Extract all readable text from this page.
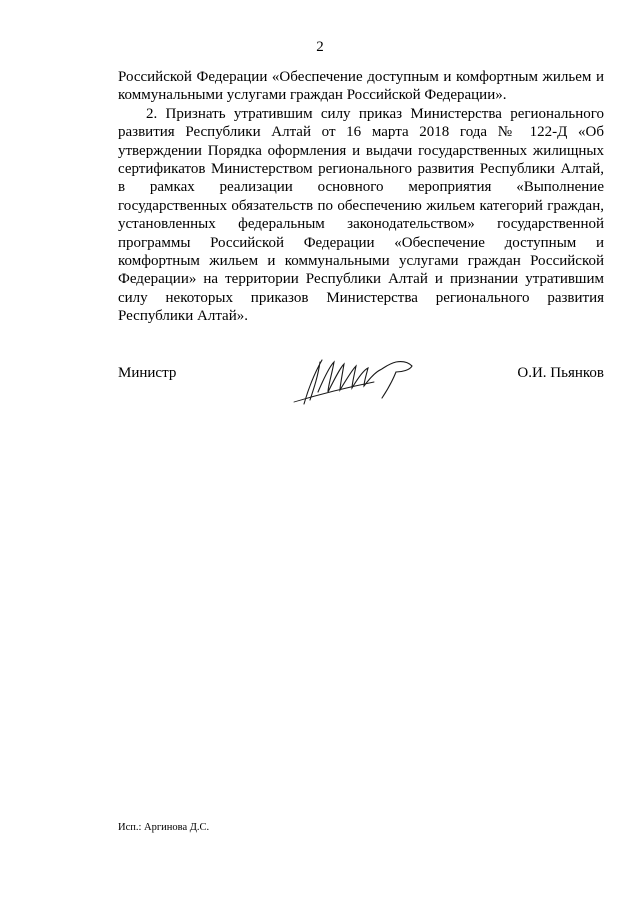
2

Российской Федерации «Обеспечение доступным и комфортным жильем и коммунальными услугами граждан Российской Федерации».

2. Признать утратившим силу приказ Министерства регионального развития Республики Алтай от 16 марта 2018 года № 122-Д «Об утверждении Порядка оформления и выдачи государственных жилищных сертификатов Министерством регионального развития Республики Алтай, в рамках реализации основного мероприятия «Выполнение государственных обязательств по обеспечению жильем категорий граждан, установленных федеральным законодательством» государственной программы Российской Федерации «Обеспечение доступным и комфортным жильем и коммунальными услугами граждан Российской Федерации» на территории Республики Алтай и признании утратившим силу некоторых приказов Министерства регионального развития Республики Алтай».

Министр	О.И. Пьянков
Исп.: Аргинова Д.С.
